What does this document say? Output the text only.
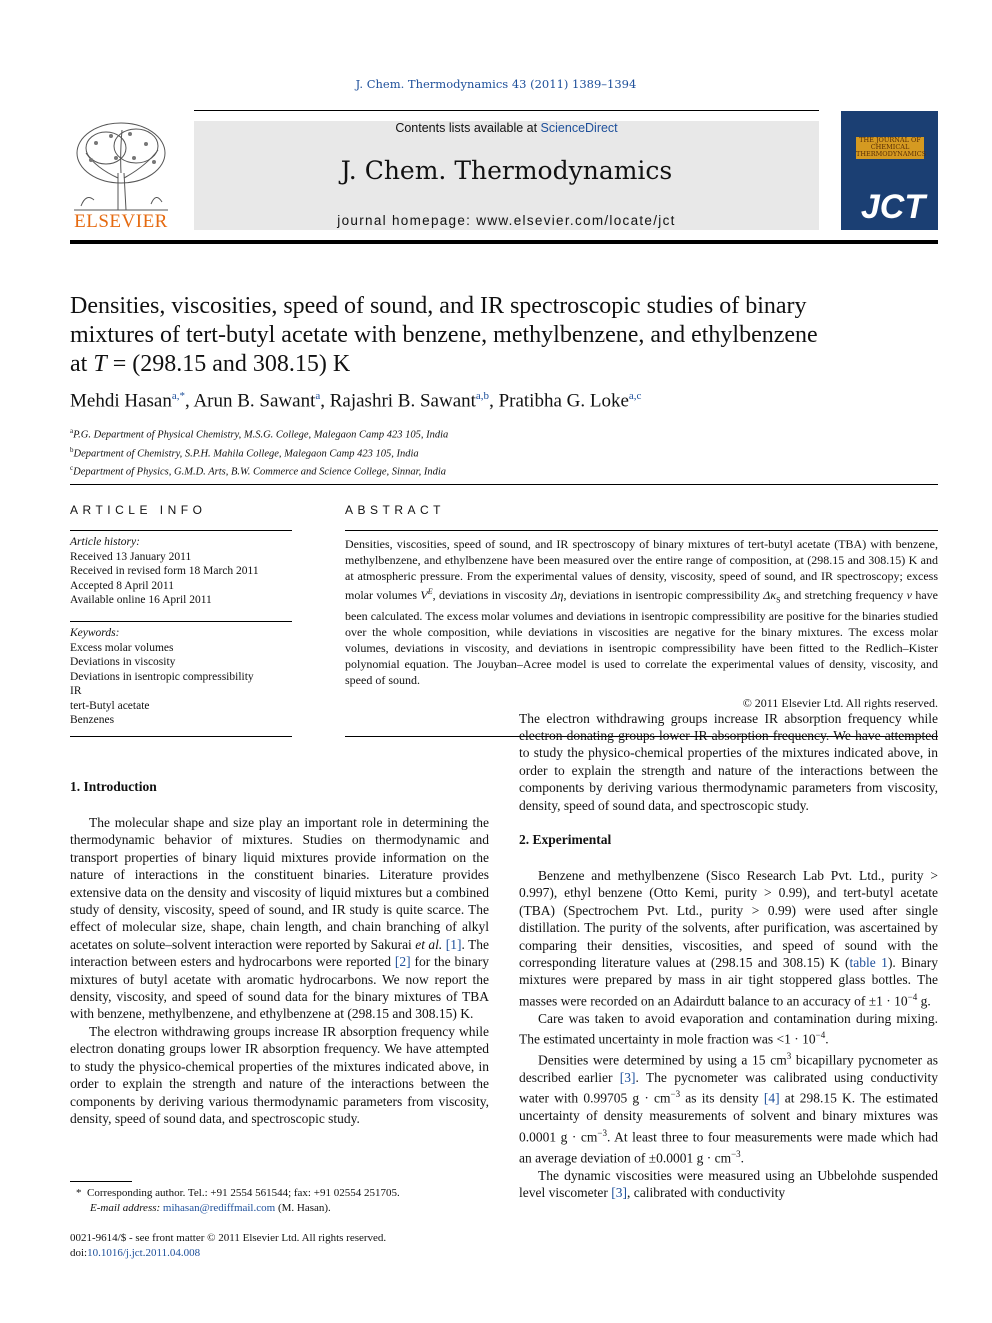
J. Chem. Thermodynamics 43 (2011) 1389–1394
ELSEVIER
Contents lists available at ScienceDirect
J. Chem. Thermodynamics
journal homepage: www.elsevier.com/locate/jct
THE JOURNAL OF CHEMICAL THERMODYNAMICS
JCT
Densities, viscosities, speed of sound, and IR spectroscopic studies of binary
mixtures of tert-butyl acetate with benzene, methylbenzene, and ethylbenzene
at T = (298.15 and 308.15) K
Mehdi Hasan$^{a,*}$, Arun B. Sawant$^a$, Rajashri B. Sawant$^{a,b}$, Pratibha G. Loke$^{a,c}$
$^a$P.G. Department of Physical Chemistry, M.S.G. College, Malegaon Camp 423 105, India
$^b$Department of Chemistry, S.P.H. Mahila College, Malegaon Camp 423 105, India
$^c$Department of Physics, G.M.D. Arts, B.W. Commerce and Science College, Sinnar, India
ARTICLE INFO
Article history:
Received 13 January 2011
Received in revised form 18 March 2011
Accepted 8 April 2011
Available online 16 April 2011
Keywords:
Excess molar volumes
Deviations in viscosity
Deviations in isentropic compressibility
IR
tert-Butyl acetate
Benzenes
ABSTRACT
Densities, viscosities, speed of sound, and IR spectroscopy of binary mixtures of tert-butyl acetate (TBA) with benzene, methylbenzene, and ethylbenzene have been measured over the entire range of composition, at (298.15 and 308.15) K and at atmospheric pressure. From the experimental values of density, viscosity, speed of sound, and IR spectroscopy; excess molar volumes $V^E$, deviations in viscosity Δη, deviations in isentropic compressibility $\Delta\kappa_S$ and stretching frequency ν have been calculated. The excess molar volumes and deviations in isentropic compressibility are positive for the binaries studied over the whole composition, while deviations in viscosities are negative for the binary mixtures. The excess molar volumes, deviations in viscosity, and deviations in isentropic compressibility have been fitted to the Redlich–Kister polynomial equation. The Jouyban–Acree model is used to correlate the experimental values of density, viscosity, and speed of sound.
© 2011 Elsevier Ltd. All rights reserved.
1. Introduction

The molecular shape and size play an important role in determining the thermodynamic behavior of mixtures. Studies on thermodynamic and transport properties of binary liquid mixtures provide information on the nature of interactions in the constituent binaries. Literature provides extensive data on the density and viscosity of liquid mixtures but a combined study of density, viscosity, speed of sound, and IR study is quite scarce. The effect of molecular size, shape, chain length, and chain branching of alkyl acetates on solute–solvent interaction were reported by Sakurai et al. [1]. The interaction between esters and hydrocarbons were reported [2] for the binary mixtures of butyl acetate with aromatic hydrocarbons. We now report the density, viscosity, and speed of sound data for the binary mixtures of TBA with benzene, methylbenzene, and ethylbenzene at (298.15 and 308.15) K.

The electron withdrawing groups increase IR absorption frequency while electron donating groups lower IR absorption frequency. We have attempted to study the physico-chemical properties of the mixtures indicated above, in order to explain the strength and nature of the interactions between the components by deriving various thermodynamic parameters from viscosity, density, speed of sound data, and spectroscopic study.

* Corresponding author. Tel.: +91 2554 561544; fax: +91 02554 251705.
E-mail address: mihasan@rediffmail.com (M. Hasan).
0021-9614/$ - see front matter © 2011 Elsevier Ltd. All rights reserved.
doi:10.1016/j.jct.2011.04.008

The electron withdrawing groups increase IR absorption frequency while electron donating groups lower IR absorption frequency. We have attempted to study the physico-chemical properties of the mixtures indicated above, in order to explain the strength and nature of the interactions between the components by deriving various thermodynamic parameters from viscosity, density, speed of sound data, and spectroscopic study.

2. Experimental

Benzene and methylbenzene (Sisco Research Lab Pvt. Ltd., purity > 0.997), ethyl benzene (Otto Kemi, purity > 0.99), and tert-butyl acetate (TBA) (Spectrochem Pvt. Ltd., purity > 0.99) were used after single distillation. The purity of the solvents, after purification, was ascertained by comparing their densities, viscosities, and speed of sound with the corresponding literature values at (298.15 and 308.15) K (table 1). Binary mixtures were prepared by mass in air tight stoppered glass bottles. The masses were recorded on an Adairdutt balance to an accuracy of $\pm 1 \cdot 10^{-4}$ g.

Care was taken to avoid evaporation and contamination during mixing. The estimated uncertainty in mole fraction was $<1 \cdot 10^{-4}$.

Densities were determined by using a 15 $cm^3$ bicapillary pycnometer as described earlier [3]. The pycnometer was calibrated using conductivity water with 0.99705 $g \cdot cm^{-3}$ as its density [4] at 298.15 K. The estimated uncertainty of density measurements of solvent and binary mixtures was 0.0001 $g \cdot cm^{-3}$. At least three to four measurements were made which had an average deviation of ±0.0001 $g \cdot cm^{-3}$.

The dynamic viscosities were measured using an Ubbelohde suspended level viscometer [3], calibrated with conductivity
